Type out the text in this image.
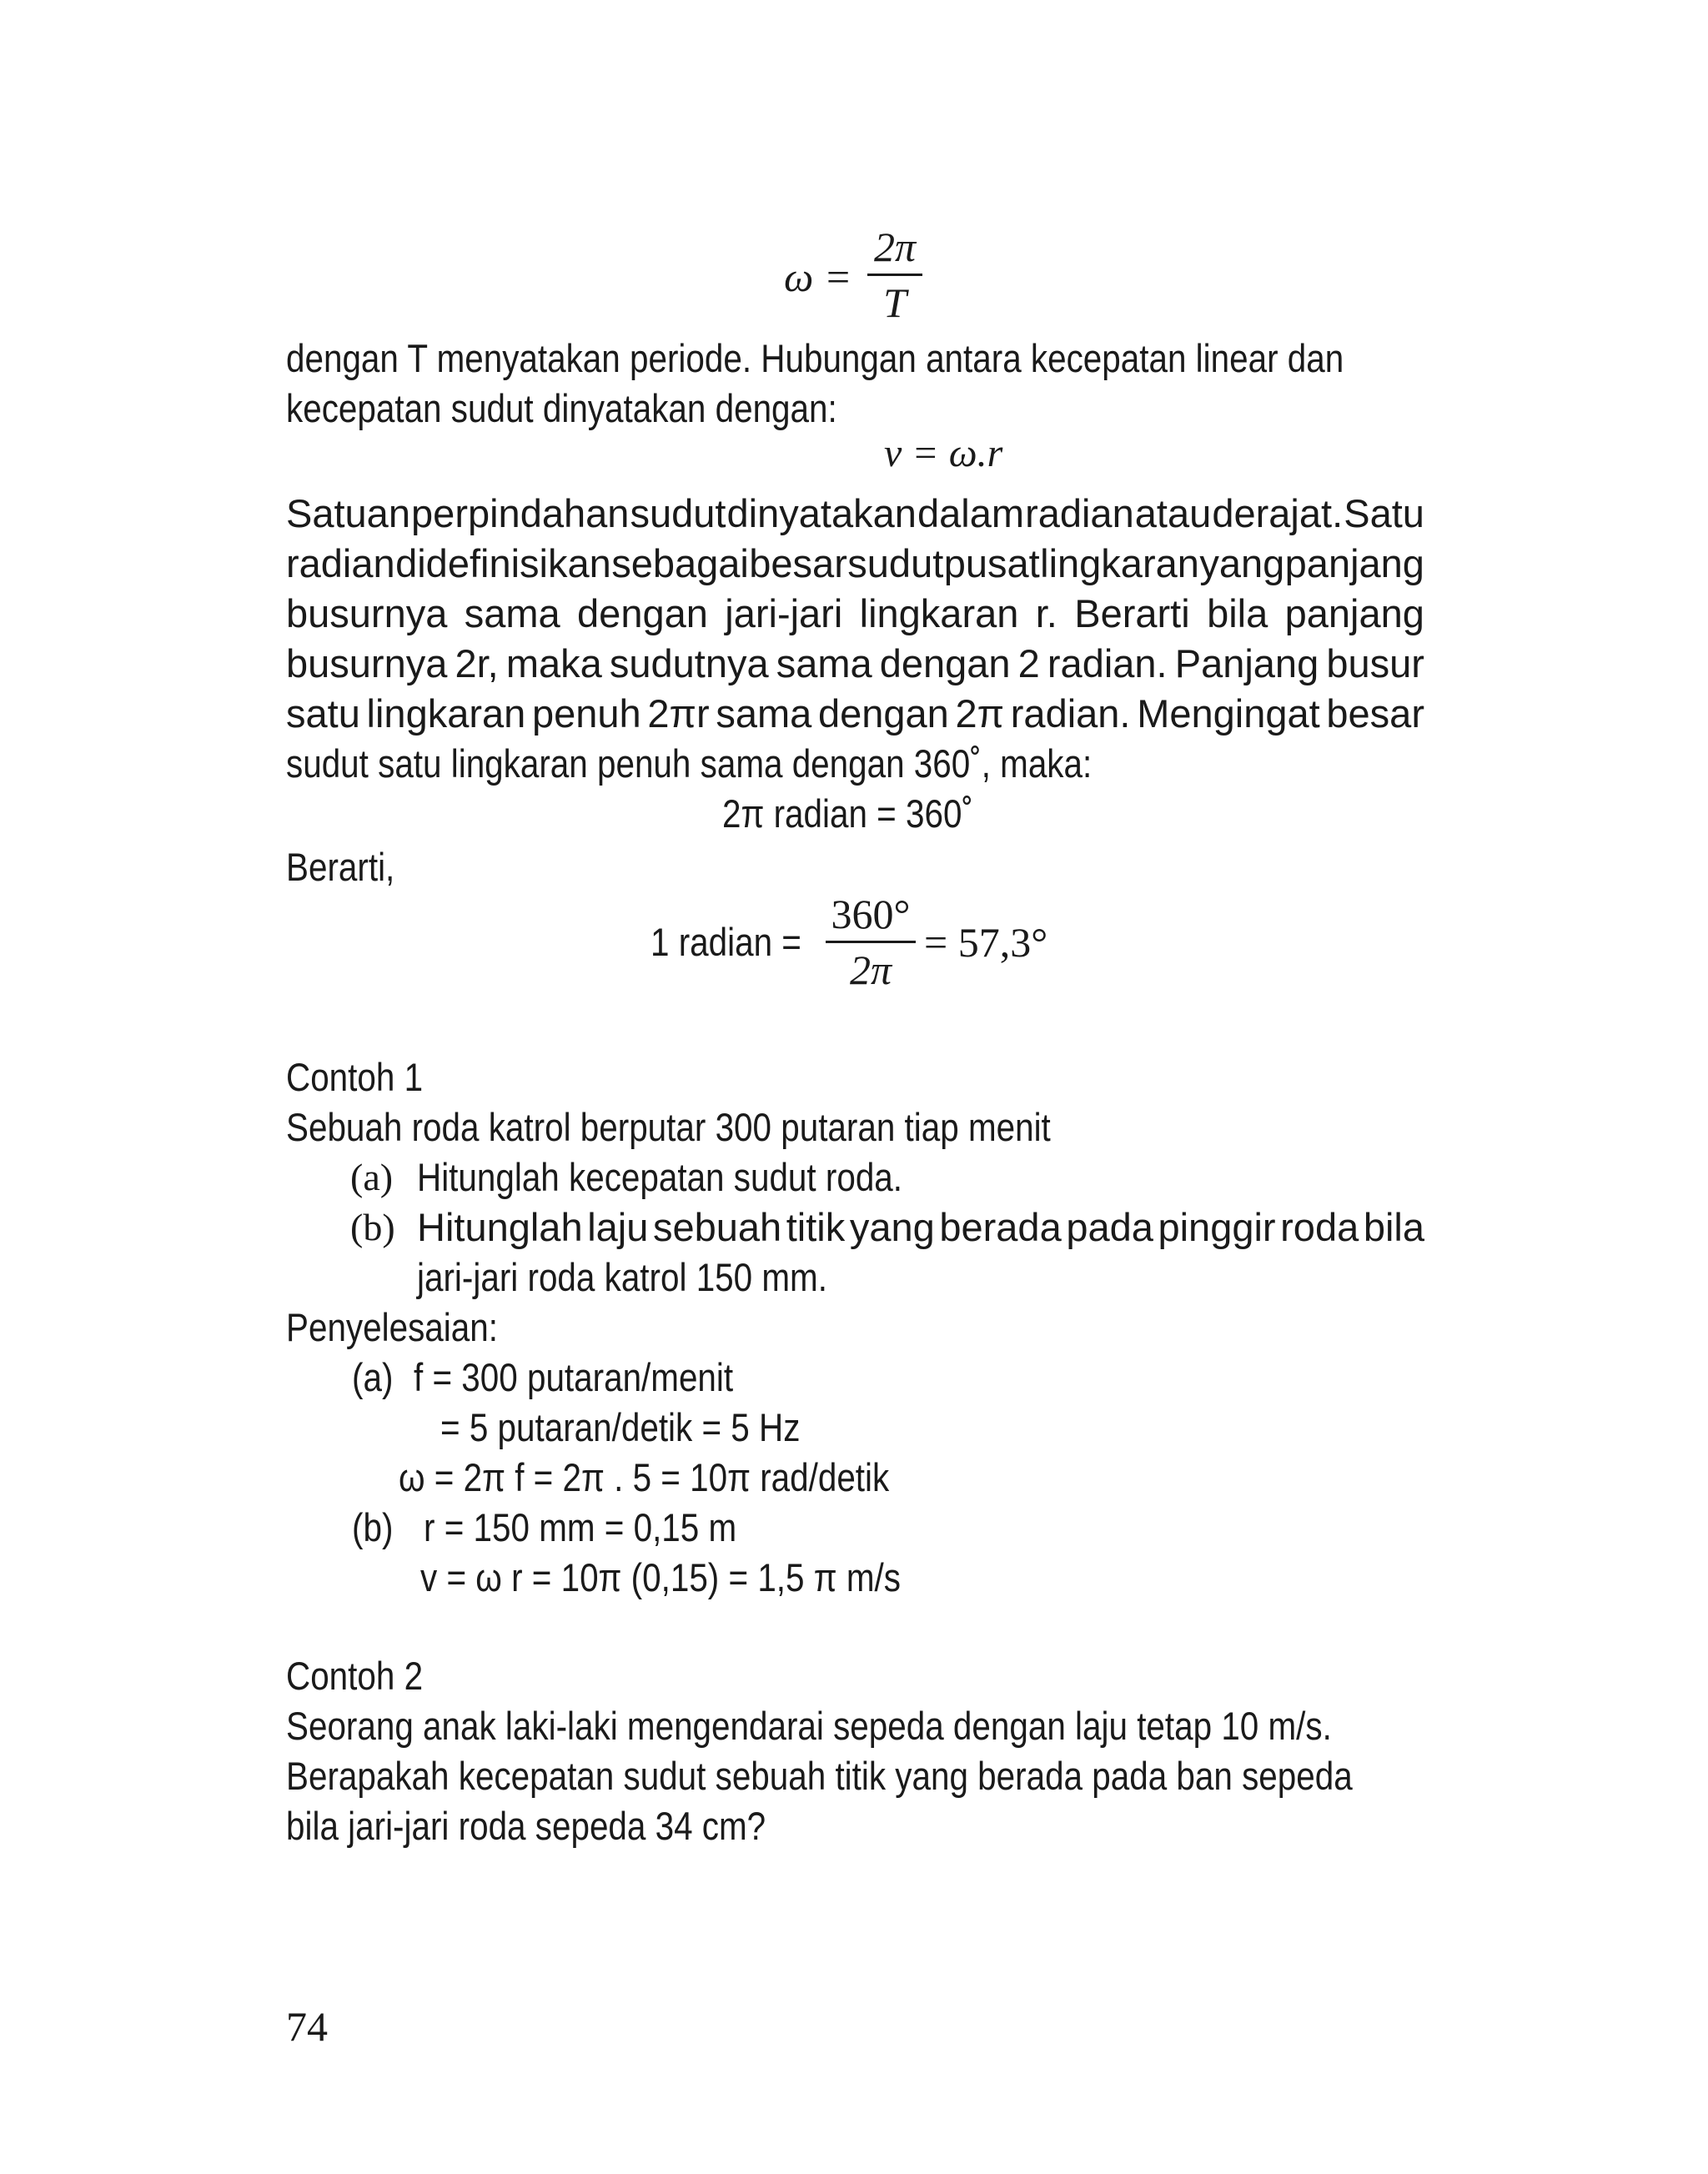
ω =
2π
T
dengan T menyatakan periode. Hubungan antara kecepatan linear dan
kecepatan sudut dinyatakan dengan:
v = ω.r
Satuan perpindahan sudut dinyatakan dalam radian atau derajat. Satu
radian didefinisikan sebagai besar sudut pusat lingkaran yang panjang
busurnya sama dengan jari-jari lingkaran r. Berarti bila panjang
busurnya 2r, maka sudutnya sama dengan 2 radian. Panjang busur
satu lingkaran penuh 2πr sama dengan 2π radian. Mengingat besar
sudut satu lingkaran penuh sama dengan 360˚, maka:
2π radian = 360˚
Berarti,
1 radian =
360°
2π
= 57,3°
Contoh 1
Sebuah roda katrol berputar 300 putaran tiap menit
(a) Hitunglah kecepatan sudut roda.
(b) Hitunglah laju sebuah titik yang berada pada pinggir roda bila
jari-jari roda katrol 150 mm.
Penyelesaian:
(a) f = 300 putaran/menit
= 5 putaran/detik = 5 Hz
ω = 2π f = 2π . 5 = 10π rad/detik
(b) r = 150 mm = 0,15 m
v = ω r = 10π (0,15) = 1,5 π m/s
Contoh 2
Seorang anak laki-laki mengendarai sepeda dengan laju tetap 10 m/s.
Berapakah kecepatan sudut sebuah titik yang berada pada ban sepeda
bila jari-jari roda sepeda 34 cm?
74
